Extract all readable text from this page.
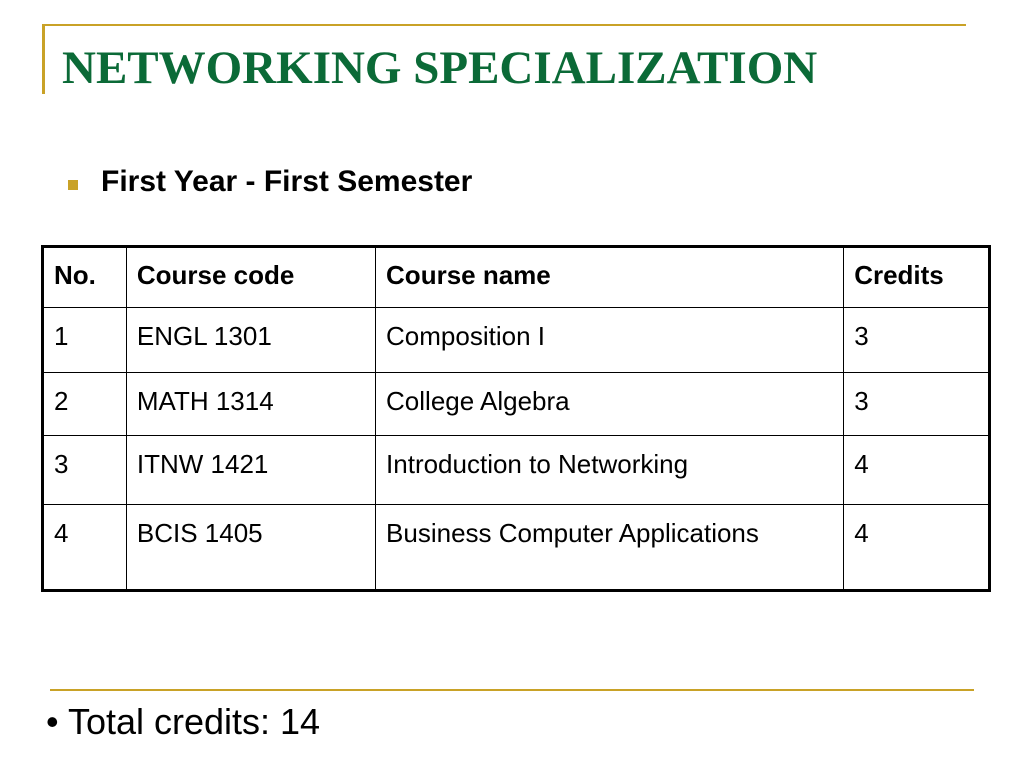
NETWORKING SPECIALIZATION
First Year - First Semester
No.	Course code	Course name	Credits
1	ENGL 1301	Composition I	3
2	MATH 1314	College Algebra	3
3	ITNW 1421	Introduction to Networking	4
4	BCIS 1405	Business Computer Applications	4

• Total credits: 14
